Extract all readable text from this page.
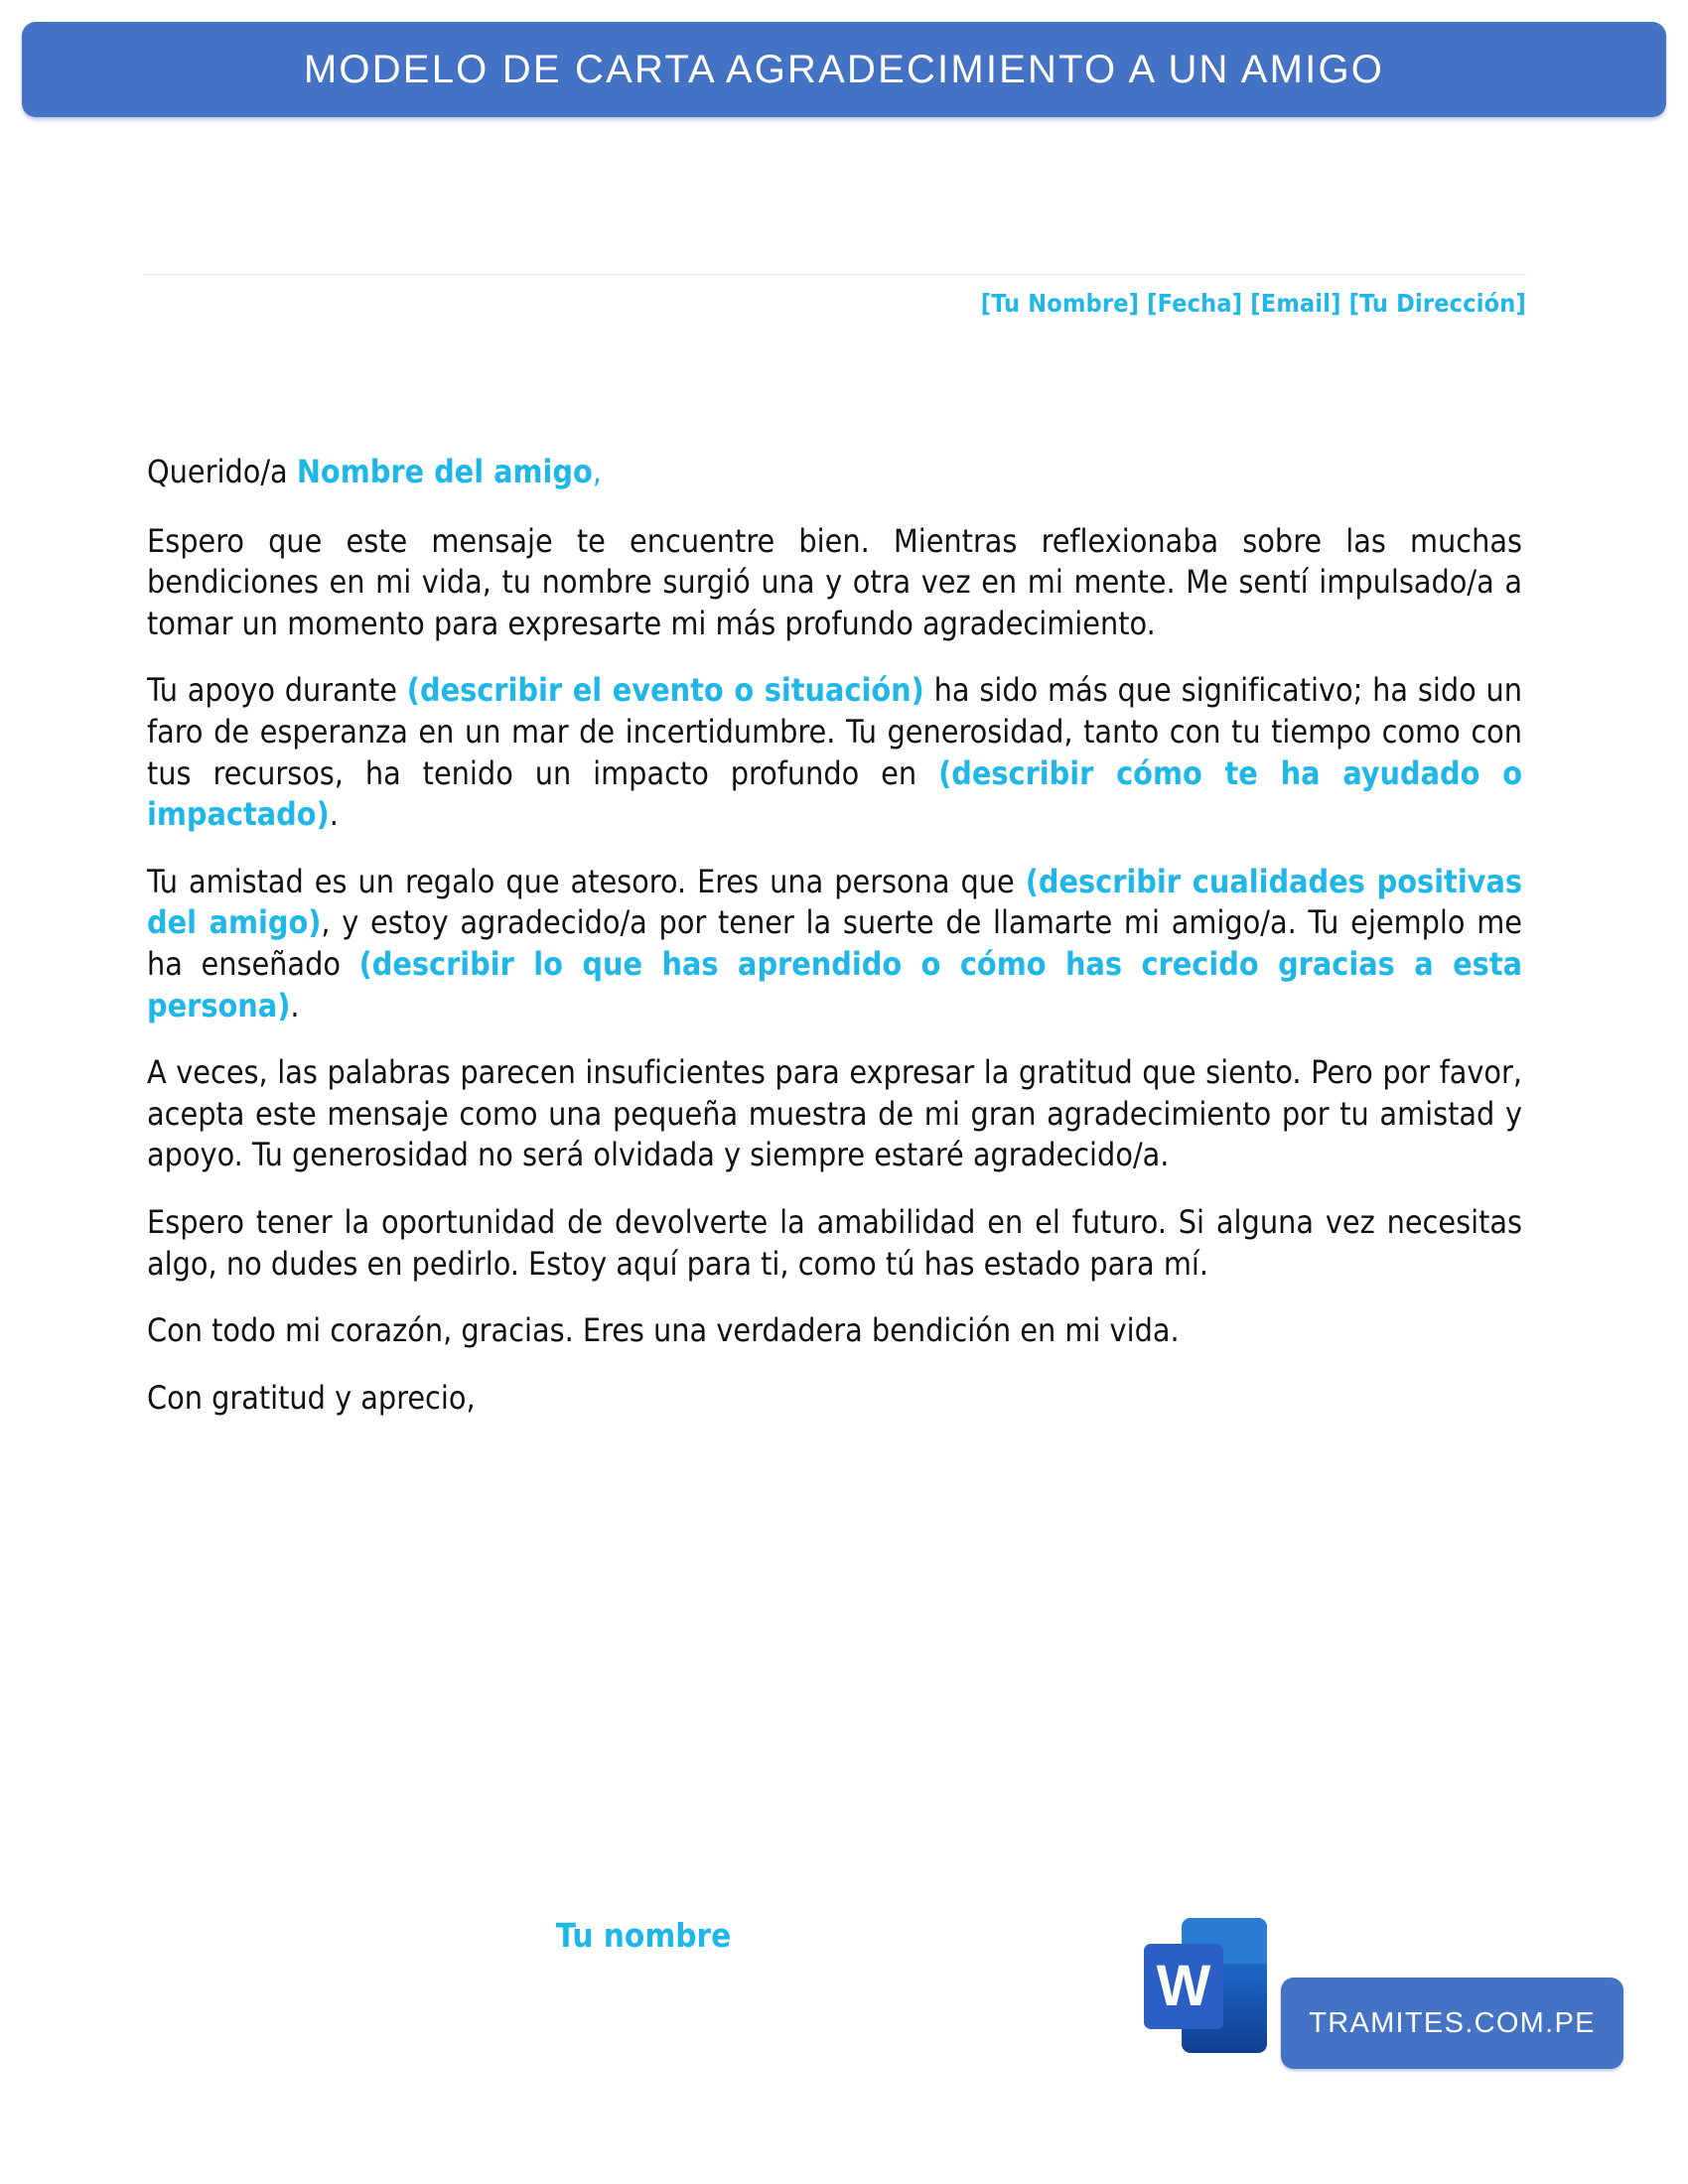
MODELO DE CARTA AGRADECIMIENTO A UN AMIGO
[Tu Nombre] [Fecha] [Email] [Tu Dirección]
Querido/a Nombre del amigo,

Espero que este mensaje te encuentre bien. Mientras reflexionaba sobre las muchas bendiciones en mi vida, tu nombre surgió una y otra vez en mi mente. Me sentí impulsado/a a tomar un momento para expresarte mi más profundo agradecimiento.

Tu apoyo durante (describir el evento o situación) ha sido más que significativo; ha sido un faro de esperanza en un mar de incertidumbre. Tu generosidad, tanto con tu tiempo como con tus recursos, ha tenido un impacto profundo en (describir cómo te ha ayudado o impactado).

Tu amistad es un regalo que atesoro. Eres una persona que (describir cualidades positivas del amigo), y estoy agradecido/a por tener la suerte de llamarte mi amigo/a. Tu ejemplo me ha enseñado (describir lo que has aprendido o cómo has crecido gracias a esta persona).

A veces, las palabras parecen insuficientes para expresar la gratitud que siento. Pero por favor, acepta este mensaje como una pequeña muestra de mi gran agradecimiento por tu amistad y apoyo. Tu generosidad no será olvidada y siempre estaré agradecido/a.

Espero tener la oportunidad de devolverte la amabilidad en el futuro. Si alguna vez necesitas algo, no dudes en pedirlo. Estoy aquí para ti, como tú has estado para mí.

Con todo mi corazón, gracias. Eres una verdadera bendición en mi vida.

Con gratitud y aprecio,

Tu nombre
W
TRAMITES.COM.PE
